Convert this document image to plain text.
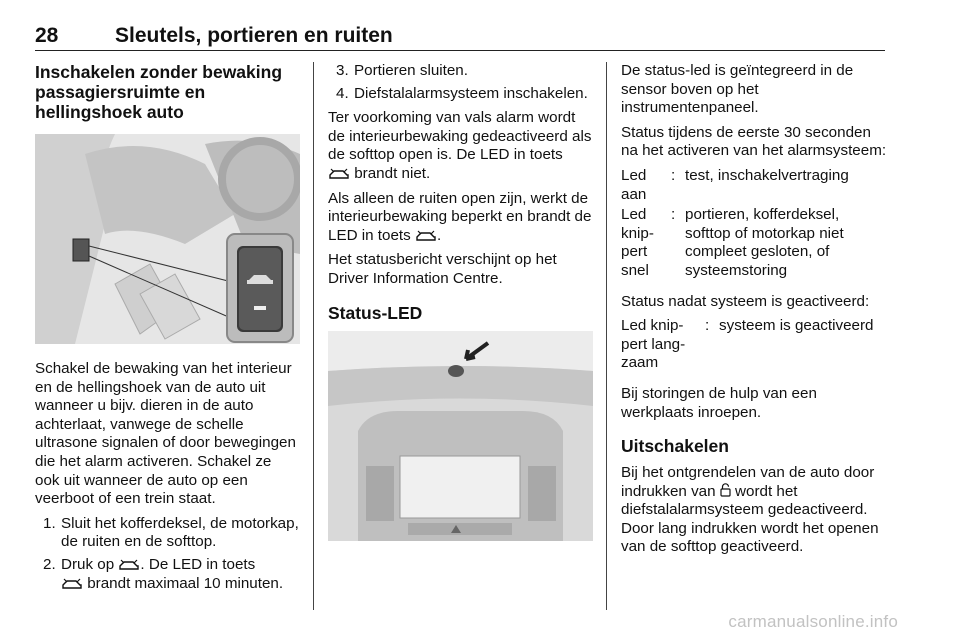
28	Sleutels, portieren en ruiten
Inschakelen zonder bewaking passagiersruimte en hellingshoek auto

Schakel de bewaking van het interieur en de hellingshoek van de auto uit wanneer u bijv. dieren in de auto achterlaat, vanwege de schelle ultrasone signalen of door bewegingen die het alarm activeren. Schakel ze ook uit wanneer de auto op een veerboot of een trein staat.

1. Sluit het kofferdeksel, de motorkap, de ruiten en de softtop.
2. Druk op . De LED in toets
brandt maximaal 10 minuten.
3. Portieren sluiten.
4. Diefstalalarmsysteem inschakelen.

Ter voorkoming van vals alarm wordt de interieurbewaking gedeactiveerd als de softtop open is. De LED in toets
brandt niet.

Als alleen de ruiten open zijn, werkt de interieurbewaking beperkt en brandt de LED in toets .

Het statusbericht verschijnt op het Driver Information Centre.

Status-LED

De status-led is geïntegreerd in de sensor boven op het instrumentenpaneel.

Status tijdens de eerste 30 seconden na het activeren van het alarmsysteem:

Led aan
: test, inschakelvertraging
Led knip-pert snel
: portieren, kofferdeksel, softtop of motorkap niet compleet gesloten, of systeemstoring

Status nadat systeem is geactiveerd:

Led knip-pert lang-zaam
: systeem is geactiveerd

Bij storingen de hulp van een werkplaats inroepen.

Uitschakelen

Bij het ontgrendelen van de auto door indrukken van wordt het diefstalalarmsysteem gedeactiveerd. Door lang indrukken wordt het openen van de softtop geactiveerd.

carmanualsonline.info
